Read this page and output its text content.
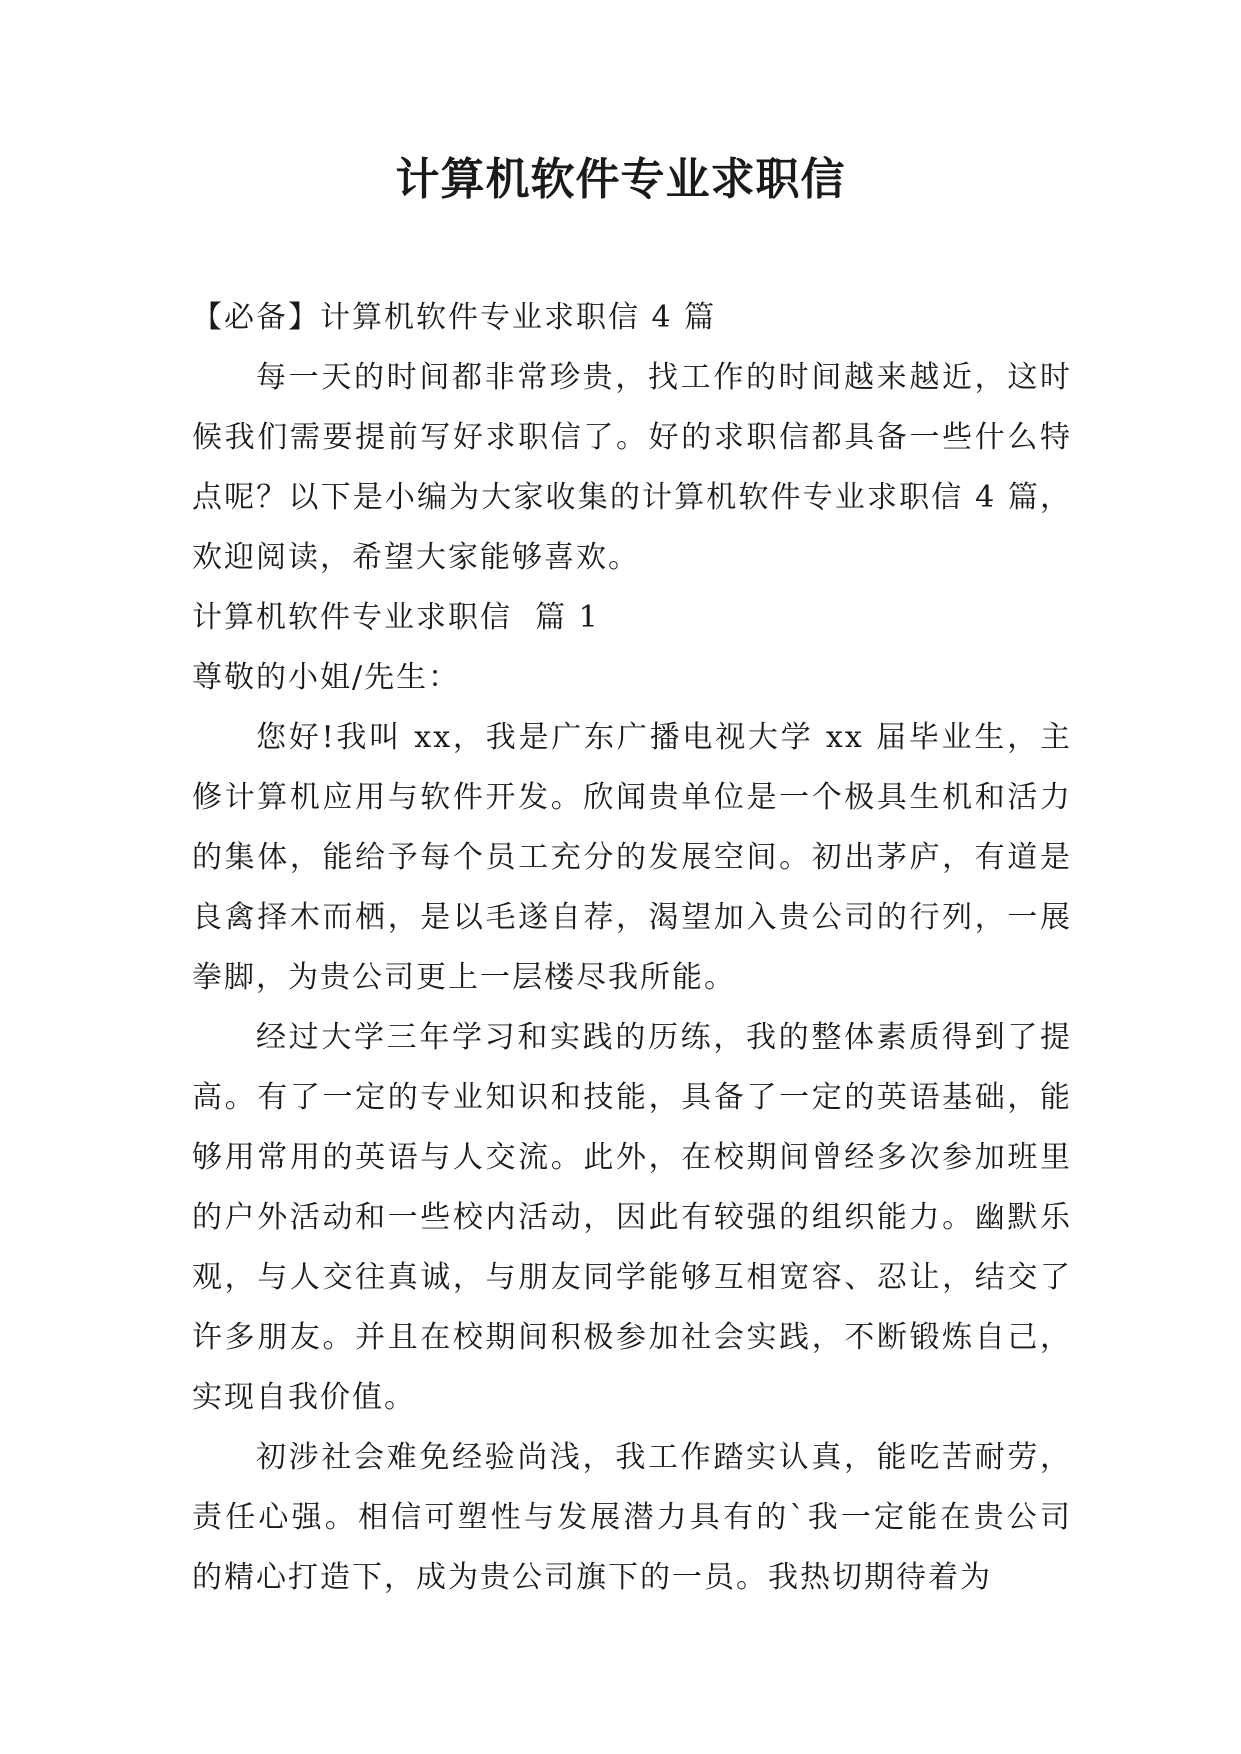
计算机软件专业求职信

【必备】计算机软件专业求职信 4 篇

每一天的时间都非常珍贵，找工作的时间越来越近，这时候我们需要提前写好求职信了。好的求职信都具备一些什么特点呢？以下是小编为大家收集的计算机软件专业求职信 4 篇，欢迎阅读，希望大家能够喜欢。

计算机软件专业求职信  篇 1

尊敬的小姐/先生：

您好!我叫 xx，我是广东广播电视大学 xx 届毕业生，主修计算机应用与软件开发。欣闻贵单位是一个极具生机和活力的集体，能给予每个员工充分的发展空间。初出茅庐，有道是良禽择木而栖，是以毛遂自荐，渴望加入贵公司的行列，一展拳脚，为贵公司更上一层楼尽我所能。

经过大学三年学习和实践的历练，我的整体素质得到了提高。有了一定的专业知识和技能，具备了一定的英语基础，能够用常用的英语与人交流。此外，在校期间曾经多次参加班里的户外活动和一些校内活动，因此有较强的组织能力。幽默乐观，与人交往真诚，与朋友同学能够互相宽容、忍让，结交了许多朋友。并且在校期间积极参加社会实践，不断锻炼自己，实现自我价值。

初涉社会难免经验尚浅，我工作踏实认真，能吃苦耐劳，责任心强。相信可塑性与发展潜力具有的`我一定能在贵公司的精心打造下，成为贵公司旗下的一员。我热切期待着为
